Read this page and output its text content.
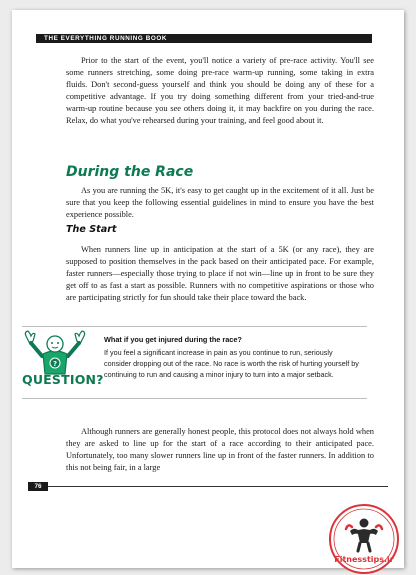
THE EVERYTHING RUNNING BOOK

Prior to the start of the event, you'll notice a variety of pre-race activity. You'll see some runners stretching, some doing pre-race warm-up running, some taking in extra fluids. Don't second-guess yourself and think you should be doing any of these for a competitive advantage. If you try doing something different from your tried-and-true warm-up routine because you see others doing it, it may backfire on you during the race. Relax, do what you've rehearsed during your training, and feel good about it.

During the Race

As you are running the 5K, it's easy to get caught up in the excitement of it all. Just be sure that you keep the following essential guidelines in mind to ensure you have the best experience possible.

The Start

When runners line up in anticipation at the start of a 5K (or any race), they are supposed to position themselves in the pack based on their anticipated pace. For example, faster runners—especially those trying to place if not win—line up in front to be sure they get off to as fast a start as possible. Runners with no competitive aspirations or those who are participating strictly for fun should take their place toward the back.

?
QUESTION?

What if you get injured during the race?

If you feel a significant increase in pain as you continue to run, seriously consider dropping out of the race. No race is worth the risk of hurting yourself by continuing to run and causing a minor injury to turn into a major setback.

Although runners are generally honest people, this protocol does not always hold when they are asked to line up for the start of a race according to their anticipated pace. Unfortunately, too many slower runners line up in front of the faster runners. In addition to this not being fair, in a large

76
Fitnesstips.ir
